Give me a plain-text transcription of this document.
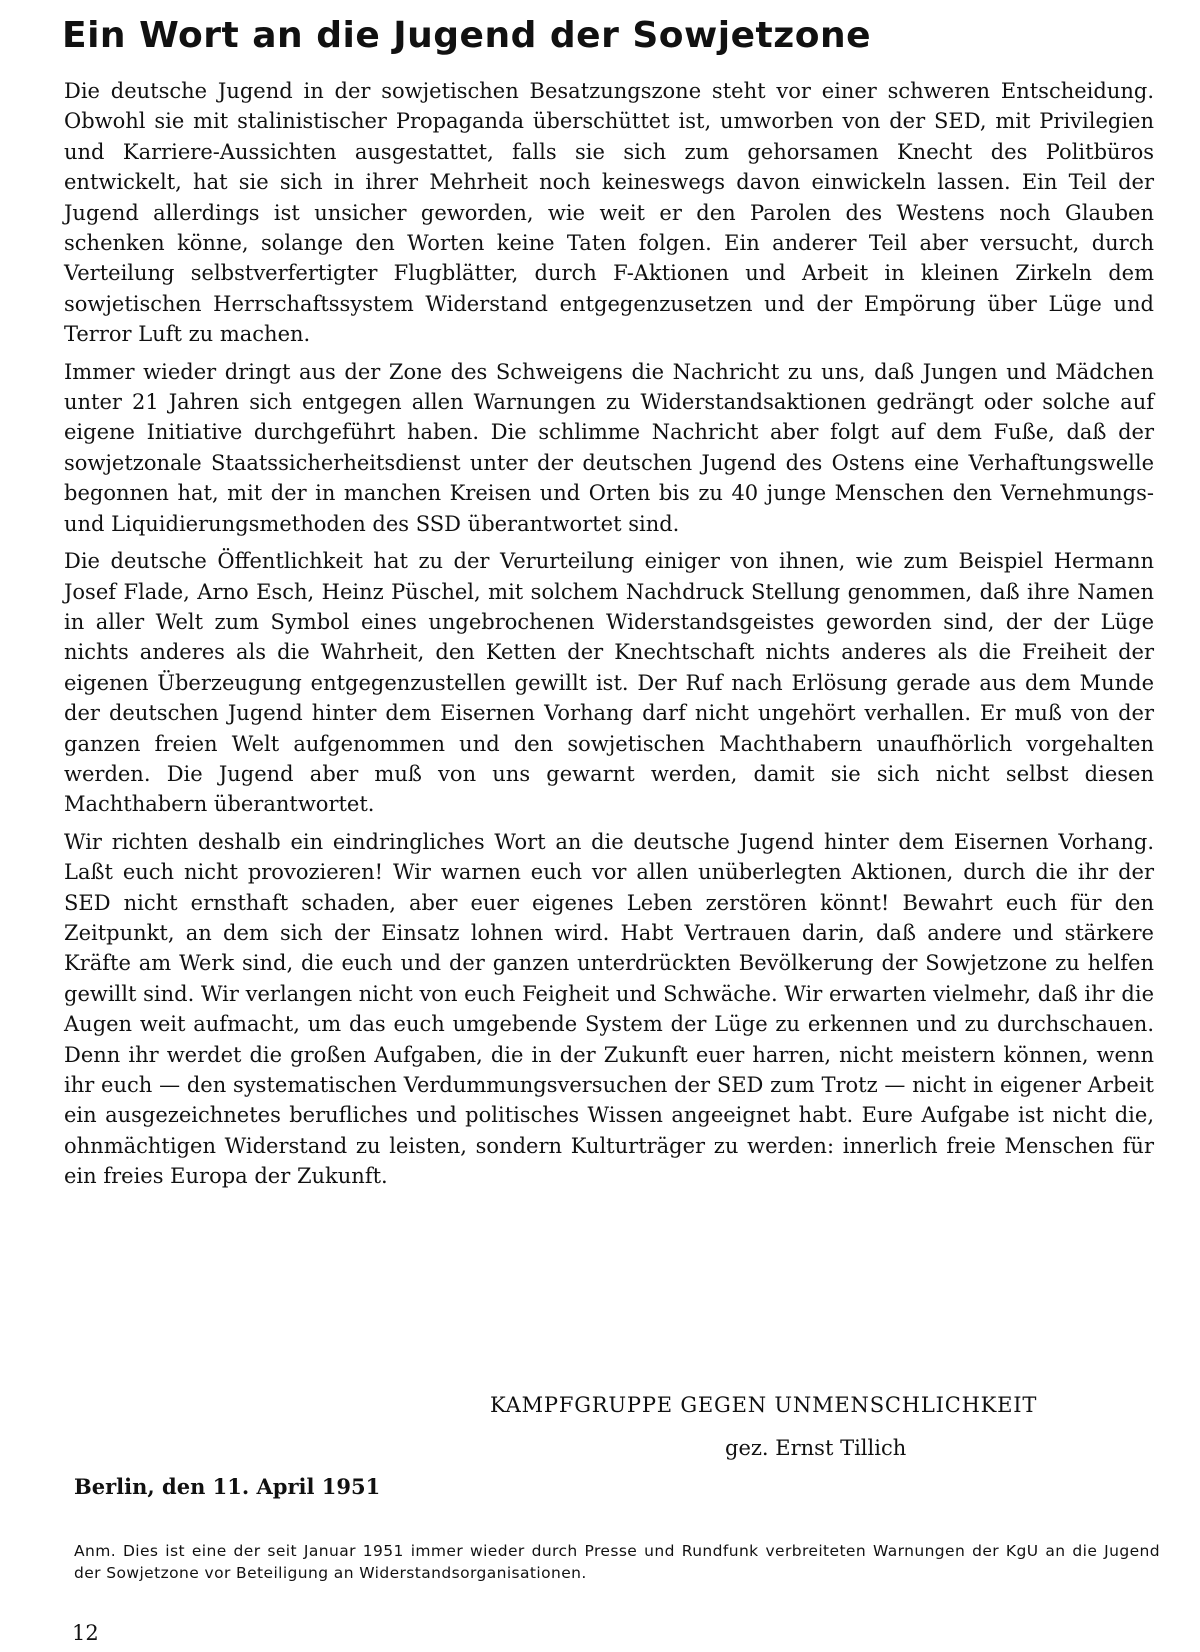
Ein Wort an die Jugend der Sowjetzone

Die deutsche Jugend in der sowjetischen Besatzungszone steht vor einer schweren Entscheidung. Obwohl sie mit stalinistischer Propaganda überschüttet ist, umworben von der SED, mit Privilegien und Karriere-Aussichten ausgestattet, falls sie sich zum gehorsamen Knecht des Politbüros entwickelt, hat sie sich in ihrer Mehrheit noch keineswegs davon einwickeln lassen. Ein Teil der Jugend allerdings ist unsicher geworden, wie weit er den Parolen des Westens noch Glauben schenken könne, solange den Worten keine Taten folgen. Ein anderer Teil aber versucht, durch Verteilung selbstverfertigter Flugblätter, durch F-Aktionen und Arbeit in kleinen Zirkeln dem sowjetischen Herrschaftssystem Widerstand entgegenzusetzen und der Empörung über Lüge und Terror Luft zu machen.

Immer wieder dringt aus der Zone des Schweigens die Nachricht zu uns, daß Jungen und Mädchen unter 21 Jahren sich entgegen allen Warnungen zu Widerstandsaktionen gedrängt oder solche auf eigene Initiative durchgeführt haben. Die schlimme Nachricht aber folgt auf dem Fuße, daß der sowjetzonale Staatssicherheitsdienst unter der deutschen Jugend des Ostens eine Verhaftungswelle begonnen hat, mit der in manchen Kreisen und Orten bis zu 40 junge Menschen den Vernehmungs- und Liquidierungsmethoden des SSD überantwortet sind.

Die deutsche Öffentlichkeit hat zu der Verurteilung einiger von ihnen, wie zum Beispiel Hermann Josef Flade, Arno Esch, Heinz Püschel, mit solchem Nachdruck Stellung genommen, daß ihre Namen in aller Welt zum Symbol eines ungebrochenen Widerstandsgeistes geworden sind, der der Lüge nichts anderes als die Wahrheit, den Ketten der Knechtschaft nichts anderes als die Freiheit der eigenen Überzeugung entgegenzustellen gewillt ist. Der Ruf nach Erlösung gerade aus dem Munde der deutschen Jugend hinter dem Eisernen Vorhang darf nicht ungehört verhallen. Er muß von der ganzen freien Welt aufgenommen und den sowjetischen Machthabern unaufhörlich vorgehalten werden. Die Jugend aber muß von uns gewarnt werden, damit sie sich nicht selbst diesen Machthabern überantwortet.

Wir richten deshalb ein eindringliches Wort an die deutsche Jugend hinter dem Eisernen Vorhang. Laßt euch nicht provozieren! Wir warnen euch vor allen unüberlegten Aktionen, durch die ihr der SED nicht ernsthaft schaden, aber euer eigenes Leben zerstören könnt! Bewahrt euch für den Zeitpunkt, an dem sich der Einsatz lohnen wird. Habt Vertrauen darin, daß andere und stärkere Kräfte am Werk sind, die euch und der ganzen unterdrückten Bevölkerung der Sowjetzone zu helfen gewillt sind. Wir verlangen nicht von euch Feigheit und Schwäche. Wir erwarten vielmehr, daß ihr die Augen weit aufmacht, um das euch umgebende System der Lüge zu erkennen und zu durchschauen. Denn ihr werdet die großen Aufgaben, die in der Zukunft euer harren, nicht meistern können, wenn ihr euch — den systematischen Verdummungsversuchen der SED zum Trotz — nicht in eigener Arbeit ein ausgezeichnetes berufliches und politisches Wissen angeeignet habt. Eure Aufgabe ist nicht die, ohnmächtigen Widerstand zu leisten, sondern Kulturträger zu werden: innerlich freie Menschen für ein freies Europa der Zukunft.

KAMPFGRUPPE GEGEN UNMENSCHLICHKEIT
gez. Ernst Tillich
Berlin, den 11. April 1951

Anm. Dies ist eine der seit Januar 1951 immer wieder durch Presse und Rundfunk verbreiteten Warnungen der KgU an die Jugend der Sowjetzone vor Beteiligung an Widerstandsorganisationen.

12
